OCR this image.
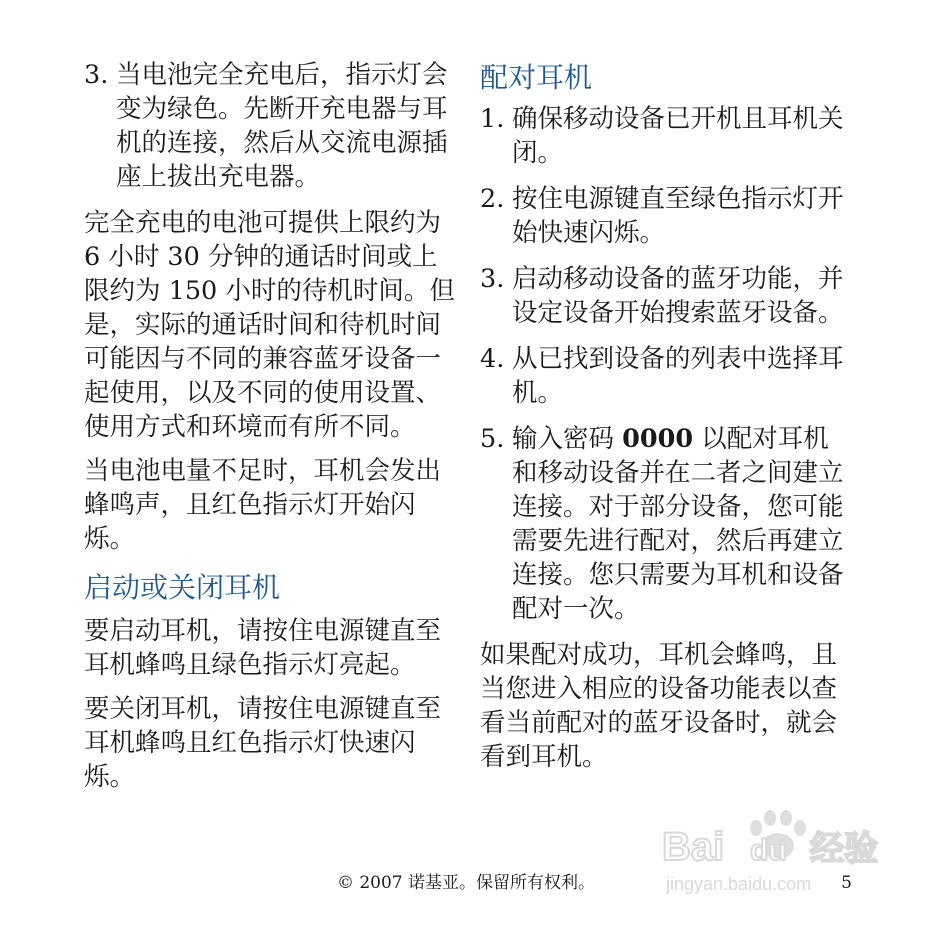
3. 当电池完全充电后，指示灯会变为绿色。先断开充电器与耳机的连接，然后从交流电源插座上拔出充电器。

完全充电的电池可提供上限约为 6 小时 30 分钟的通话时间或上限约为 150 小时的待机时间。但是，实际的通话时间和待机时间可能因与不同的兼容蓝牙设备一起使用，以及不同的使用设置、使用方式和环境而有所不同。

当电池电量不足时，耳机会发出蜂鸣声，且红色指示灯开始闪烁。

启动或关闭耳机

要启动耳机，请按住电源键直至耳机蜂鸣且绿色指示灯亮起。

要关闭耳机，请按住电源键直至耳机蜂鸣且红色指示灯快速闪烁。

配对耳机
1. 确保移动设备已开机且耳机关闭。
2. 按住电源键直至绿色指示灯开始快速闪烁。
3. 启动移动设备的蓝牙功能，并设定设备开始搜索蓝牙设备。
4. 从已找到设备的列表中选择耳机。
5. 输入密码 0000 以配对耳机和移动设备并在二者之间建立连接。对于部分设备，您可能需要先进行配对，然后再建立连接。您只需要为耳机和设备配对一次。

如果配对成功，耳机会蜂鸣，且当您进入相应的设备功能表以查看当前配对的蓝牙设备时，就会看到耳机。

Bai du 经验
jingyan.baidu.com
© 2007 诺基亚。保留所有权利。	5
